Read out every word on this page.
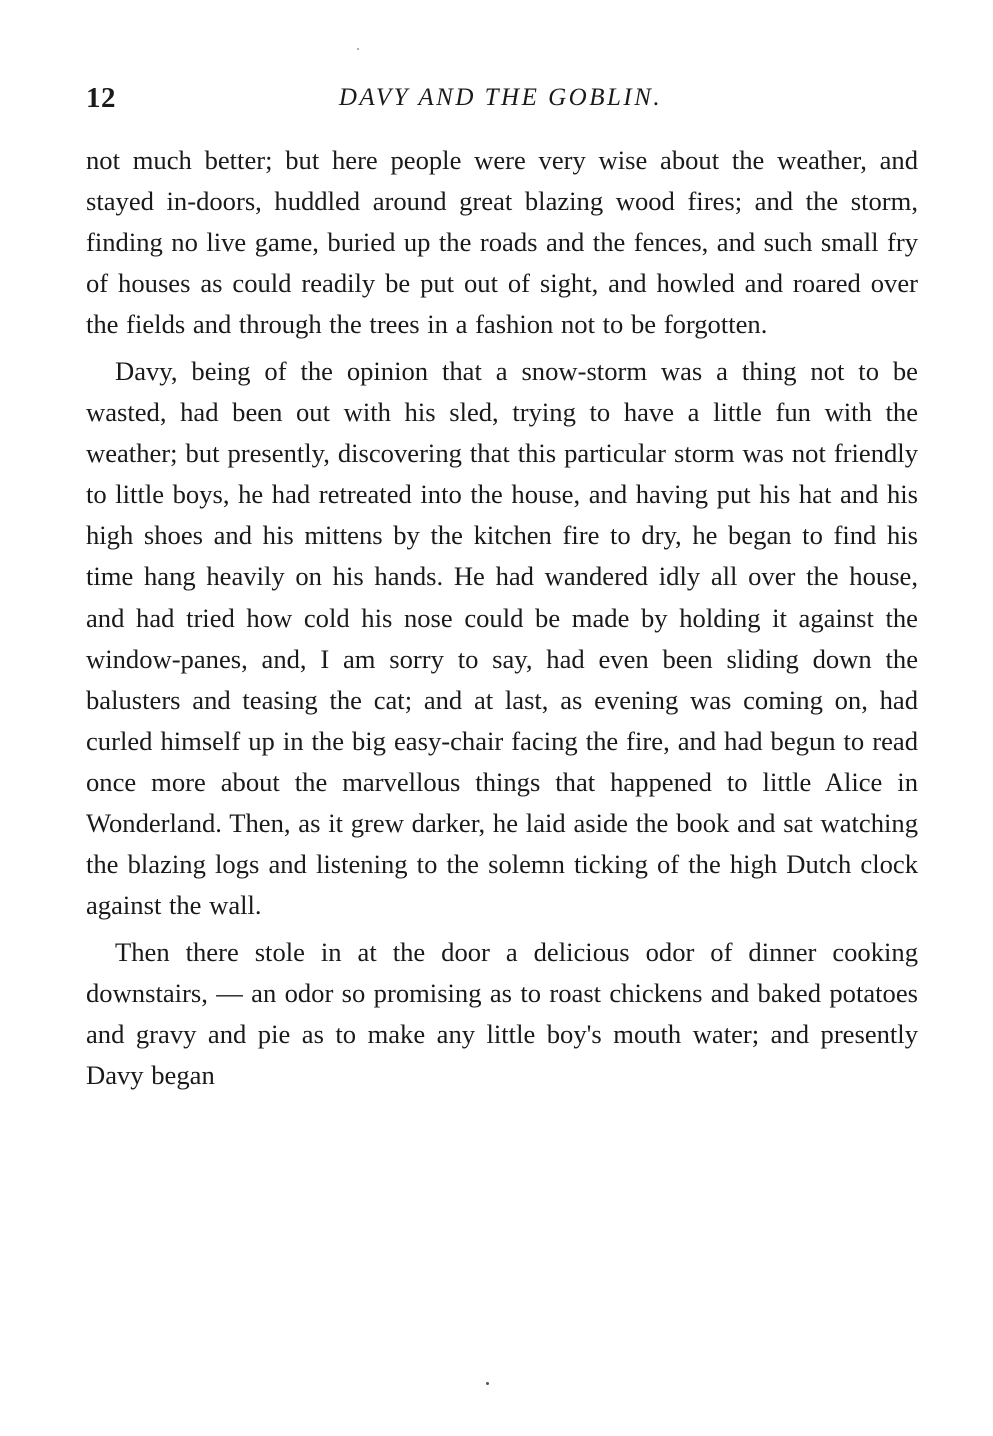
12	DAVY AND THE GOBLIN.

not much better; but here people were very wise about the weather, and stayed in-doors, huddled around great blazing wood fires; and the storm, finding no live game, buried up the roads and the fences, and such small fry of houses as could readily be put out of sight, and howled and roared over the fields and through the trees in a fashion not to be forgotten.

Davy, being of the opinion that a snow-storm was a thing not to be wasted, had been out with his sled, trying to have a little fun with the weather; but presently, discovering that this particular storm was not friendly to little boys, he had retreated into the house, and having put his hat and his high shoes and his mittens by the kitchen fire to dry, he began to find his time hang heavily on his hands. He had wandered idly all over the house, and had tried how cold his nose could be made by holding it against the window-panes, and, I am sorry to say, had even been sliding down the balusters and teasing the cat; and at last, as evening was coming on, had curled himself up in the big easy-chair facing the fire, and had begun to read once more about the marvellous things that happened to little Alice in Wonderland. Then, as it grew darker, he laid aside the book and sat watching the blazing logs and listening to the solemn ticking of the high Dutch clock against the wall.

Then there stole in at the door a delicious odor of dinner cooking downstairs, — an odor so promising as to roast chickens and baked potatoes and gravy and pie as to make any little boy's mouth water; and presently Davy began
